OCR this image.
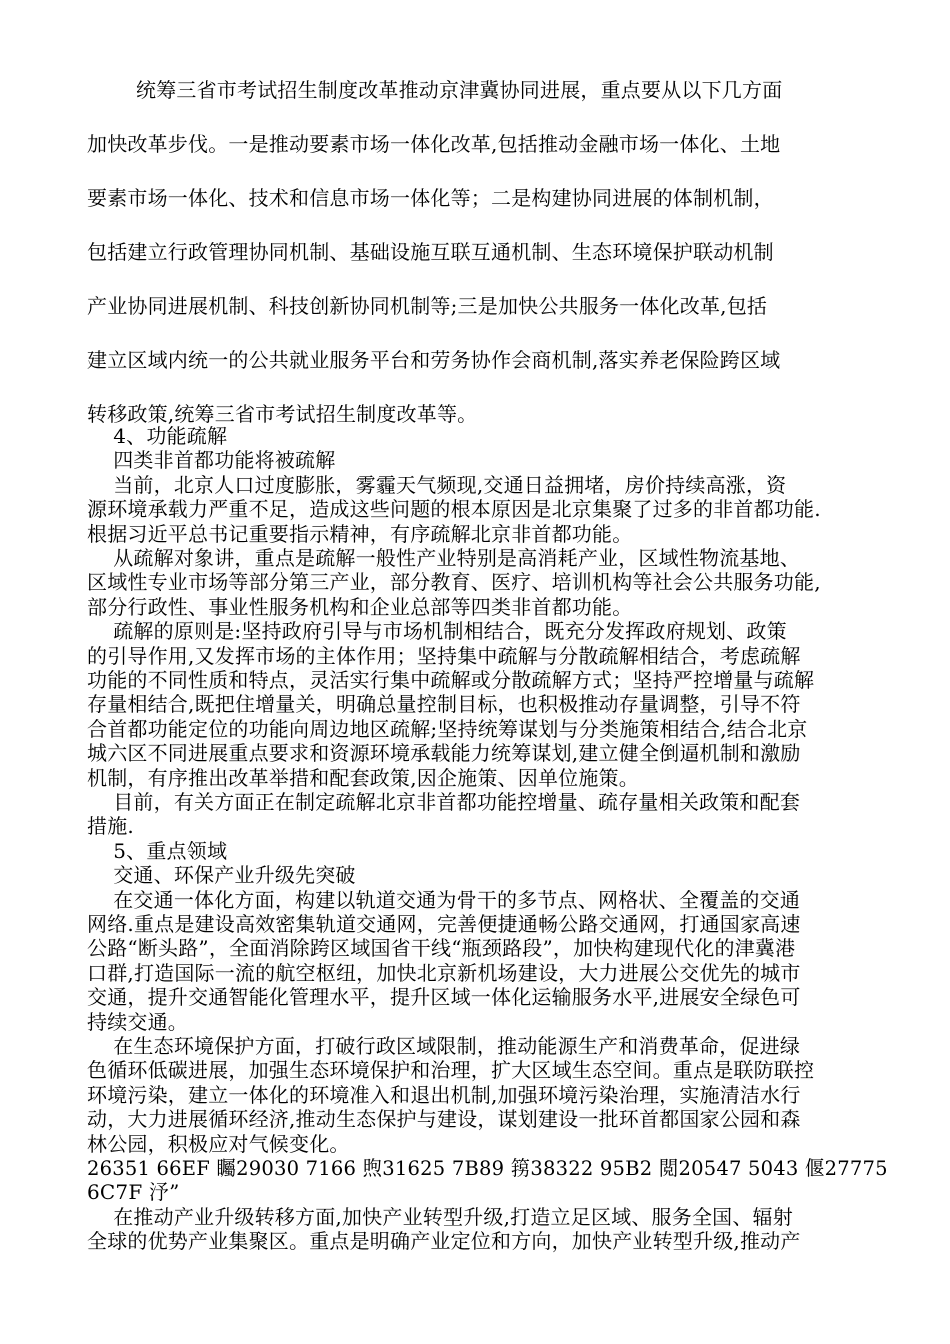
统筹三省市考试招生制度改革推动京津冀协同进展，重点要从以下几方面
加快改革步伐。一是推动要素市场一体化改革,包括推动金融市场一体化、土地
要素市场一体化、技术和信息市场一体化等；二是构建协同进展的体制机制，
包括建立行政管理协同机制、基础设施互联互通机制、生态环境保护联动机制
产业协同进展机制、科技创新协同机制等;三是加快公共服务一体化改革,包括
建立区域内统一的公共就业服务平台和劳务协作会商机制,落实养老保险跨区域
转移政策,统筹三省市考试招生制度改革等。
4、功能疏解
四类非首都功能将被疏解
当前，北京人口过度膨胀，雾霾天气频现,交通日益拥堵，房价持续高涨，资
源环境承载力严重不足，造成这些问题的根本原因是北京集聚了过多的非首都功能.
根据习近平总书记重要指示精神，有序疏解北京非首都功能。
从疏解对象讲，重点是疏解一般性产业特别是高消耗产业，区域性物流基地、
区域性专业市场等部分第三产业，部分教育、医疗、培训机构等社会公共服务功能,
部分行政性、事业性服务机构和企业总部等四类非首都功能。
疏解的原则是:坚持政府引导与市场机制相结合，既充分发挥政府规划、政策
的引导作用,又发挥市场的主体作用；坚持集中疏解与分散疏解相结合，考虑疏解
功能的不同性质和特点，灵活实行集中疏解或分散疏解方式；坚持严控增量与疏解
存量相结合,既把住增量关，明确总量控制目标，也积极推动存量调整，引导不符
合首都功能定位的功能向周边地区疏解;坚持统筹谋划与分类施策相结合,结合北京
城六区不同进展重点要求和资源环境承载能力统筹谋划,建立健全倒逼机制和激励
机制，有序推出改革举措和配套政策,因企施策、因单位施策。
目前，有关方面正在制定疏解北京非首都功能控增量、疏存量相关政策和配套
措施.
5、重点领域
交通、环保产业升级先突破
在交通一体化方面，构建以轨道交通为骨干的多节点、网格状、全覆盖的交通
网络.重点是建设高效密集轨道交通网，完善便捷通畅公路交通网，打通国家高速
公路“断头路”，全面消除跨区域国省干线“瓶颈路段”，加快构建现代化的津冀港
口群,打造国际一流的航空枢纽，加快北京新机场建设，大力进展公交优先的城市
交通，提升交通智能化管理水平，提升区域一体化运输服务水平,进展安全绿色可
持续交通。
在生态环境保护方面，打破行政区域限制，推动能源生产和消费革命，促进绿
色循环低碳进展，加强生态环境保护和治理，扩大区域生态空间。重点是联防联控
环境污染，建立一体化的环境准入和退出机制,加强环境污染治理，实施清洁水行
动，大力进展循环经济,推动生态保护与建设，谋划建设一批环首都国家公园和森
林公园，积极应对气候变化。
26351 66EF 矚29030 7166 煦31625 7B89 箉38322 95B2 閲20547 5043 偃27775
6C7F 汿”
在推动产业升级转移方面,加快产业转型升级,打造立足区域、服务全国、辐射
全球的优势产业集聚区。重点是明确产业定位和方向，加快产业转型升级,推动产
